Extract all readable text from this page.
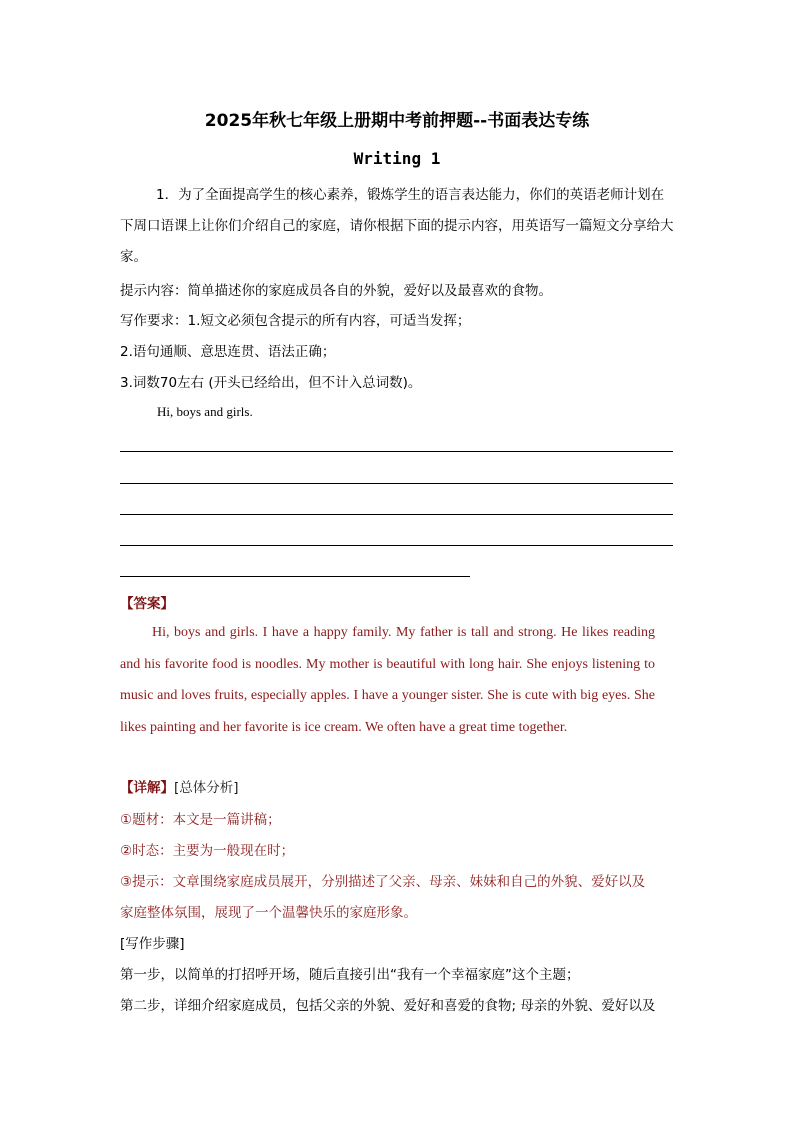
2025年秋七年级上册期中考前押题--书面表达专练
Writing 1
1．为了全面提高学生的核心素养，锻炼学生的语言表达能力，你们的英语老师计划在下周口语课上让你们介绍自己的家庭，请你根据下面的提示内容，用英语写一篇短文分享给大家。
提示内容：简单描述你的家庭成员各自的外貌，爱好以及最喜欢的食物。
写作要求：1.短文必须包含提示的所有内容，可适当发挥；
2.语句通顺、意思连贯、语法正确；
3.词数70左右 (开头已经给出，但不计入总词数)。
Hi, boys and girls.
【答案】
Hi, boys and girls. I have a happy family. My father is tall and strong. He likes reading and his favorite food is noodles. My mother is beautiful with long hair. She enjoys listening to music and loves fruits, especially apples. I have a younger sister. She is cute with big eyes. She likes painting and her favorite is ice cream. We often have a great time together.
【详解】[总体分析]
①题材：本文是一篇讲稿；
②时态：主要为一般现在时；
③提示：文章围绕家庭成员展开，分别描述了父亲、母亲、妹妹和自己的外貌、爱好以及
家庭整体氛围，展现了一个温馨快乐的家庭形象。
[写作步骤]
第一步，以简单的打招呼开场，随后直接引出“我有一个幸福家庭”这个主题；
第二步，详细介绍家庭成员，包括父亲的外貌、爱好和喜爱的食物; 母亲的外貌、爱好以及
